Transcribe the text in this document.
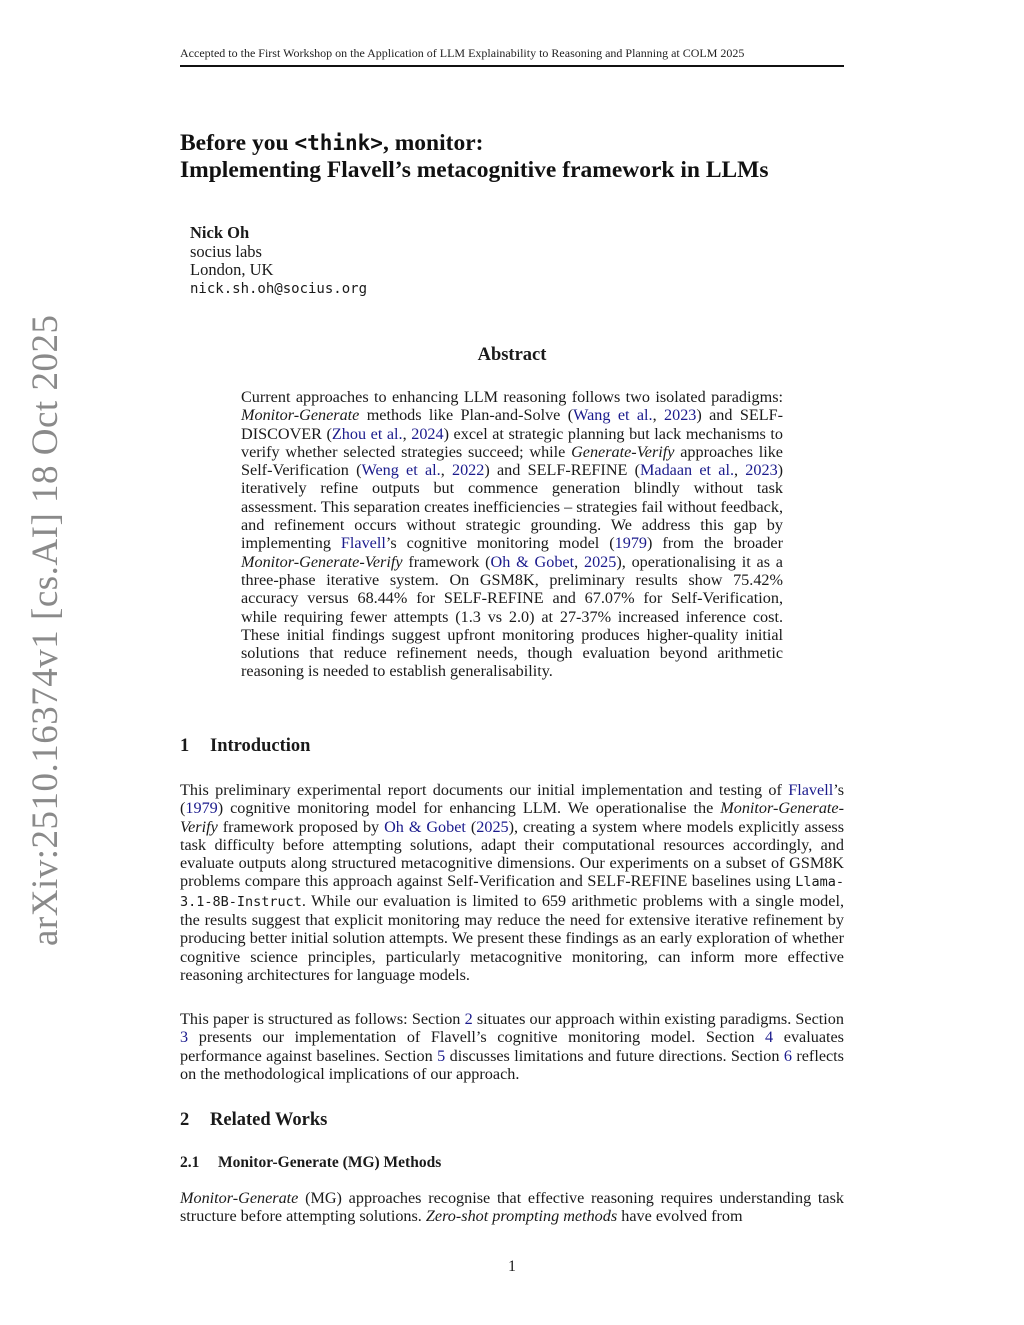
Accepted to the First Workshop on the Application of LLM Explainability to Reasoning and Planning at COLM 2025
arXiv:2510.16374v1 [cs.AI] 18 Oct 2025
Before you <think>, monitor:
Implementing Flavell’s metacognitive framework in LLMs
Nick Oh
socius labs
London, UK
nick.sh.oh@socius.org
Abstract
Current approaches to enhancing LLM reasoning follows two isolated paradigms: Monitor-Generate methods like Plan-and-Solve (Wang et al., 2023) and SELF-DISCOVER (Zhou et al., 2024) excel at strategic planning but lack mechanisms to verify whether selected strategies succeed; while Generate-Verify approaches like Self-Verification (Weng et al., 2022) and SELF-REFINE (Madaan et al., 2023) iteratively refine outputs but commence generation blindly without task assessment. This separation creates inefficiencies – strategies fail without feedback, and refinement occurs without strategic grounding. We address this gap by implementing Flavell’s cognitive monitoring model (1979) from the broader Monitor-Generate-Verify framework (Oh & Gobet, 2025), operationalising it as a three-phase iterative system. On GSM8K, preliminary results show 75.42% accuracy versus 68.44% for SELF-REFINE and 67.07% for Self-Verification, while requiring fewer attempts (1.3 vs 2.0) at 27-37% increased inference cost. These initial findings suggest upfront monitoring produces higher-quality initial solutions that reduce refinement needs, though evaluation beyond arithmetic reasoning is needed to establish generalisability.
1 Introduction
This preliminary experimental report documents our initial implementation and testing of Flavell’s (1979) cognitive monitoring model for enhancing LLM. We operationalise the Monitor-Generate-Verify framework proposed by Oh & Gobet (2025), creating a system where models explicitly assess task difficulty before attempting solutions, adapt their computational resources accordingly, and evaluate outputs along structured metacognitive dimensions. Our experiments on a subset of GSM8K problems compare this approach against Self-Verification and SELF-REFINE baselines using Llama-3.1-8B-Instruct. While our evaluation is limited to 659 arithmetic problems with a single model, the results suggest that explicit monitoring may reduce the need for extensive iterative refinement by producing better initial solution attempts. We present these findings as an early exploration of whether cognitive science principles, particularly metacognitive monitoring, can inform more effective reasoning architectures for language models.
This paper is structured as follows: Section 2 situates our approach within existing paradigms. Section 3 presents our implementation of Flavell’s cognitive monitoring model. Section 4 evaluates performance against baselines. Section 5 discusses limitations and future directions. Section 6 reflects on the methodological implications of our approach.
2 Related Works
2.1 Monitor-Generate (MG) Methods
Monitor-Generate (MG) approaches recognise that effective reasoning requires understanding task structure before attempting solutions. Zero-shot prompting methods have evolved from
1
